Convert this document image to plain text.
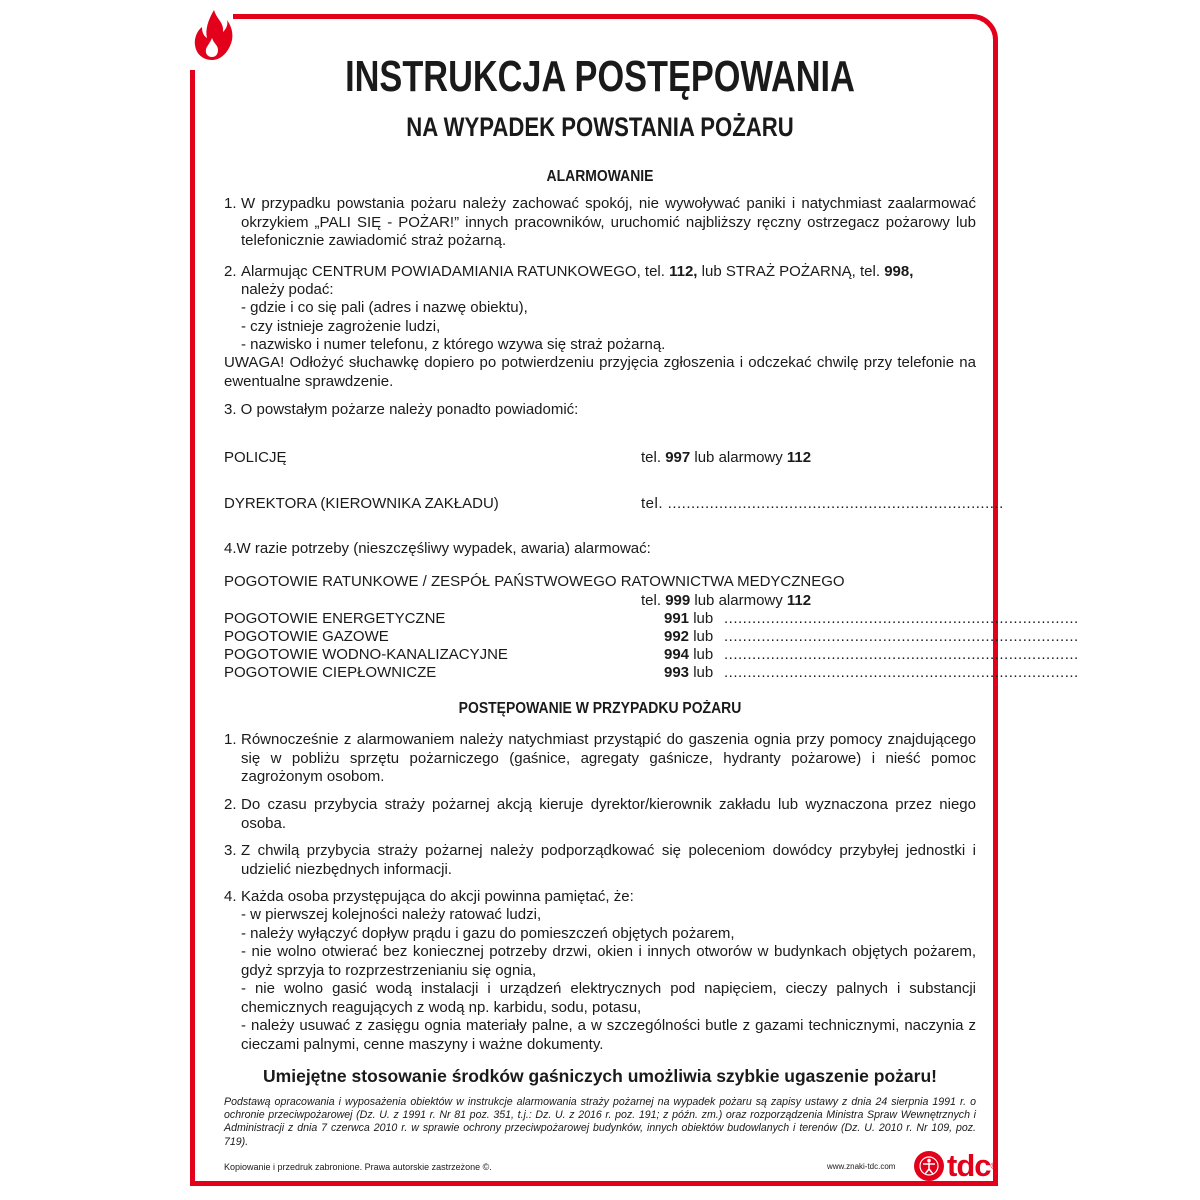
INSTRUKCJA POSTĘPOWANIA
NA WYPADEK POWSTANIA POŻARU
ALARMOWANIE
1. W przypadku powstania pożaru należy zachować spokój, nie wywoływać paniki i natychmiast zaalarmować okrzykiem „PALI SIĘ - POŻAR!” innych pracowników, uruchomić najbliższy ręczny ostrzegacz pożarowy lub telefonicznie zawiadomić straż pożarną.
2. Alarmując CENTRUM POWIADAMIANIA RATUNKOWEGO, tel. 112, lub STRAŻ POŻARNĄ, tel. 998,
należy podać:
- gdzie i co się pali (adres i nazwę obiektu),
- czy istnieje zagrożenie ludzi,
- nazwisko i numer telefonu, z którego wzywa się straż pożarną.
UWAGA! Odłożyć słuchawkę dopiero po potwierdzeniu przyjęcia zgłoszenia i odczekać chwilę przy telefonie na ewentualne sprawdzenie.
3. O powstałym pożarze należy ponadto powiadomić:
POLICJĘ	tel. 997 lub alarmowy 112
DYREKTORA (KIEROWNIKA ZAKŁADU)	tel. ........................................................................
4.W razie potrzeby (nieszczęśliwy wypadek, awaria) alarmować:
POGOTOWIE RATUNKOWE / ZESPÓŁ PAŃSTWOWEGO RATOWNICTWA MEDYCZNEGO
tel. 999 lub alarmowy 112
POGOTOWIE ENERGETYCZNE	991 lub ............................................................................
POGOTOWIE GAZOWE	992 lub ............................................................................
POGOTOWIE WODNO-KANALIZACYJNE	994 lub ............................................................................
POGOTOWIE CIEPŁOWNICZE	993 lub ............................................................................
POSTĘPOWANIE W PRZYPADKU POŻARU
1. Równocześnie z alarmowaniem należy natychmiast przystąpić do gaszenia ognia przy pomocy znajdującego się w pobliżu sprzętu pożarniczego (gaśnice, agregaty gaśnicze, hydranty pożarowe) i nieść pomoc zagrożonym osobom.
2. Do czasu przybycia straży pożarnej akcją kieruje dyrektor/kierownik zakładu lub wyznaczona przez niego osoba.
3. Z chwilą przybycia straży pożarnej należy podporządkować się poleceniom dowódcy przybyłej jednostki i udzielić niezbędnych informacji.
4. Każda osoba przystępująca do akcji powinna pamiętać, że:
- w pierwszej kolejności należy ratować ludzi,
- należy wyłączyć dopływ prądu i gazu do pomieszczeń objętych pożarem,
- nie wolno otwierać bez koniecznej potrzeby drzwi, okien i innych otworów w budynkach objętych pożarem, gdyż sprzyja to rozprzestrzenianiu się ognia,
- nie wolno gasić wodą instalacji i urządzeń elektrycznych pod napięciem, cieczy palnych i substancji chemicznych reagujących z wodą np. karbidu, sodu, potasu,
- należy usuwać z zasięgu ognia materiały palne, a w szczególności butle z gazami technicznymi, naczynia z cieczami palnymi, cenne maszyny i ważne dokumenty.
Umiejętne stosowanie środków gaśniczych umożliwia szybkie ugaszenie pożaru!
Podstawą opracowania i wyposażenia obiektów w instrukcje alarmowania straży pożarnej na wypadek pożaru są zapisy ustawy z dnia 24 sierpnia 1991 r. o ochronie przeciwpożarowej (Dz. U. z 1991 r. Nr 81 poz. 351, t.j.: Dz. U. z 2016 r. poz. 191; z późn. zm.) oraz rozporządzenia Ministra Spraw Wewnętrznych i Administracji z dnia 7 czerwca 2010 r. w sprawie ochrony przeciwpożarowej budynków, innych obiektów budowlanych i terenów (Dz. U. 2010 r. Nr 109, poz. 719).
Kopiowanie i przedruk zabronione. Prawa autorskie zastrzeżone ©.	www.znaki-tdc.com tdc ®
